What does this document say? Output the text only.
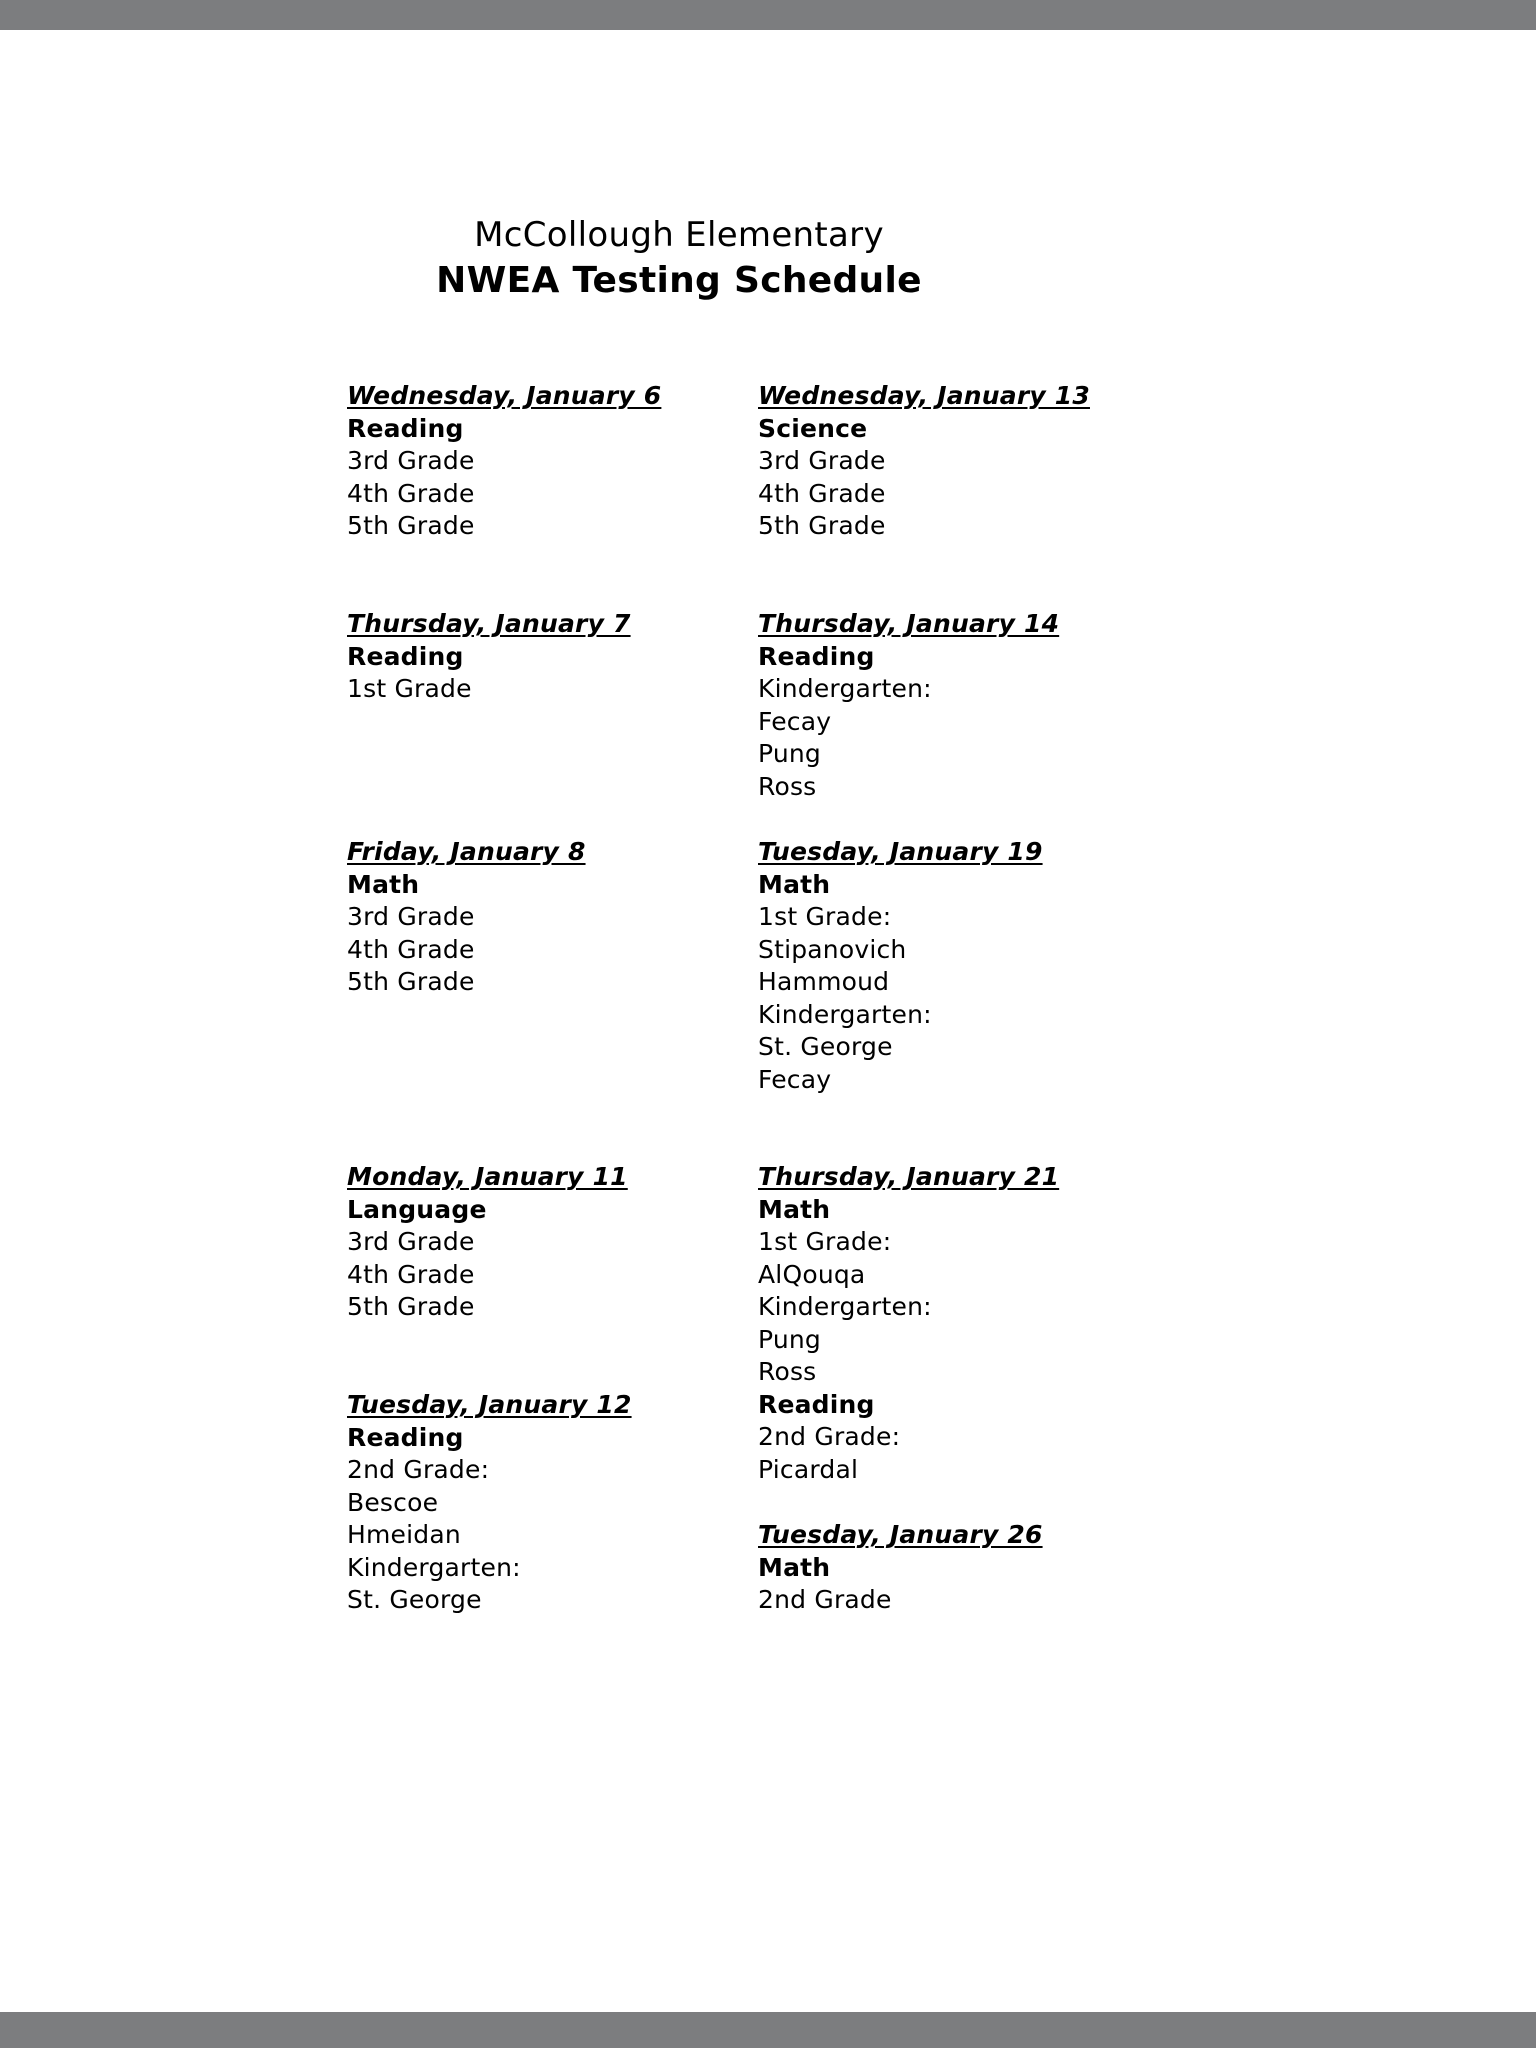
McCollough Elementary
NWEA Testing Schedule
Wednesday, January 6
Reading
3rd Grade
4th Grade
5th Grade
Thursday, January 7
Reading
1st Grade
Friday, January 8
Math
3rd Grade
4th Grade
5th Grade
Monday, January 11
Language
3rd Grade
4th Grade
5th Grade
Tuesday, January 12
Reading
2nd Grade:
Bescoe
Hmeidan
Kindergarten:
St. George
Wednesday, January 13
Science
3rd Grade
4th Grade
5th Grade
Thursday, January 14
Reading
Kindergarten:
Fecay
Pung
Ross
Tuesday, January 19
Math
1st Grade:
Stipanovich
Hammoud
Kindergarten:
St. George
Fecay
Thursday, January 21
Math
1st Grade:
AlQouqa
Kindergarten:
Pung
Ross
Reading
2nd Grade:
Picardal
Tuesday, January 26
Math
2nd Grade
